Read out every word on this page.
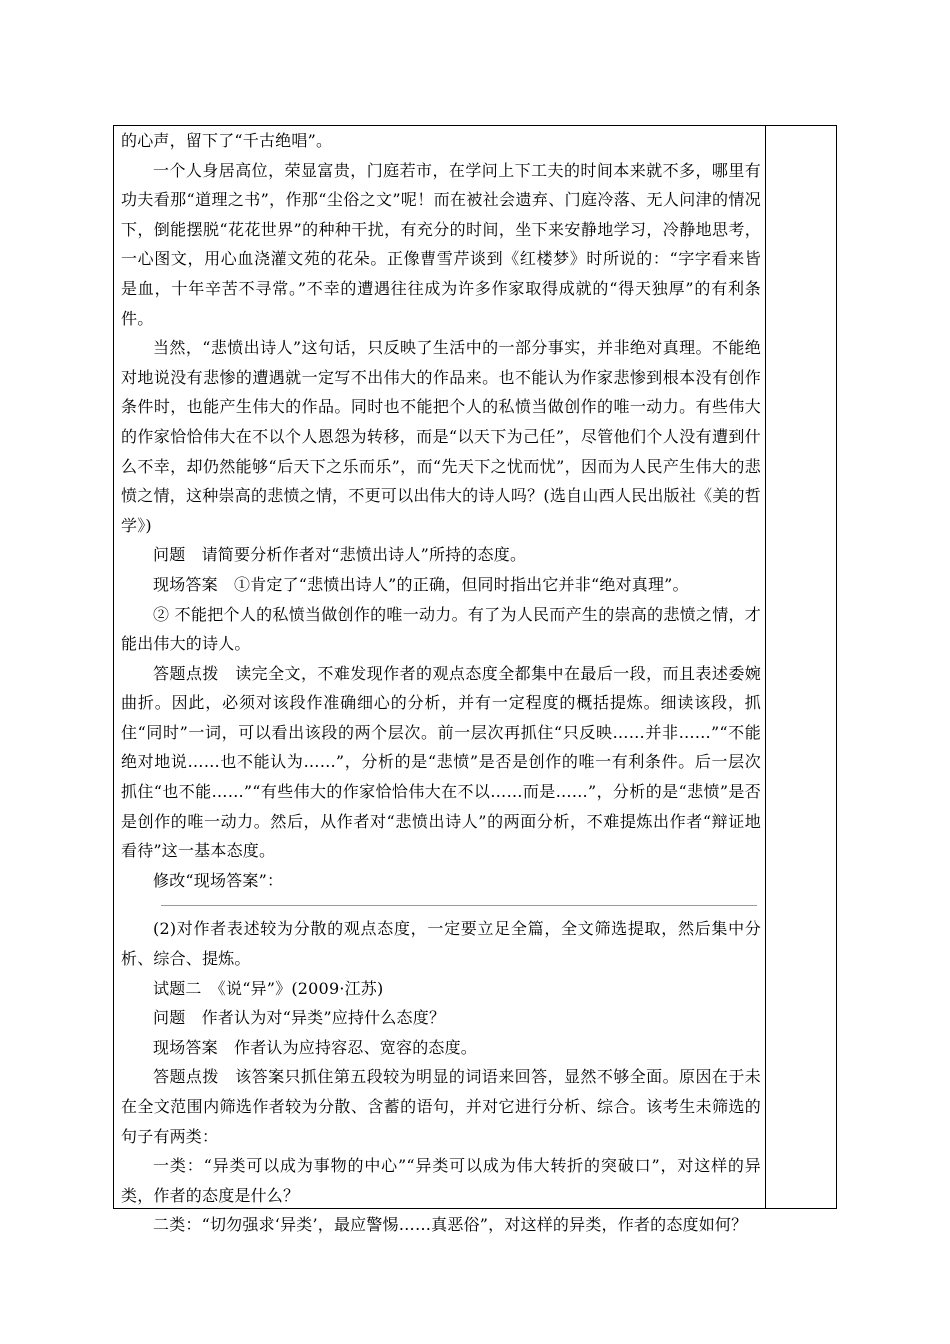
的心声，留下了“千古绝唱”。

一个人身居高位，荣显富贵，门庭若市，在学问上下工夫的时间本来就不多，哪里有功夫看那“道理之书”，作那“尘俗之文”呢！而在被社会遗弃、门庭冷落、无人问津的情况下，倒能摆脱“花花世界”的种种干扰，有充分的时间，坐下来安静地学习，冷静地思考，一心图文，用心血浇灌文苑的花朵。正像曹雪芹谈到《红楼梦》时所说的：“字字看来皆是血，十年辛苦不寻常。”不幸的遭遇往往成为许多作家取得成就的“得天独厚”的有利条件。

当然，“悲愤出诗人”这句话，只反映了生活中的一部分事实，并非绝对真理。不能绝对地说没有悲惨的遭遇就一定写不出伟大的作品来。也不能认为作家悲惨到根本没有创作条件时，也能产生伟大的作品。同时也不能把个人的私愤当做创作的唯一动力。有些伟大的作家恰恰伟大在不以个人恩怨为转移，而是“以天下为己任”，尽管他们个人没有遭到什么不幸，却仍然能够“后天下之乐而乐”，而“先天下之忧而忧”，因而为人民产生伟大的悲愤之情，这种崇高的悲愤之情，不更可以出伟大的诗人吗？(选自山西人民出版社《美的哲学》)

问题　请简要分析作者对“悲愤出诗人”所持的态度。

现场答案　①肯定了“悲愤出诗人”的正确，但同时指出它并非“绝对真理”。

② 不能把个人的私愤当做创作的唯一动力。有了为人民而产生的崇高的悲愤之情，才能出伟大的诗人。

答题点拨　读完全文，不难发现作者的观点态度全都集中在最后一段，而且表述委婉曲折。因此，必须对该段作准确细心的分析，并有一定程度的概括提炼。细读该段，抓住“同时”一词，可以看出该段的两个层次。前一层次再抓住“只反映……并非……”“不能绝对地说……也不能认为……”，分析的是“悲愤”是否是创作的唯一有利条件。后一层次抓住“也不能……”“有些伟大的作家恰恰伟大在不以……而是……”，分析的是“悲愤”是否是创作的唯一动力。然后，从作者对“悲愤出诗人”的两面分析，不难提炼出作者“辩证地看待”这一基本态度。

修改“现场答案”：

(2)对作者表述较为分散的观点态度，一定要立足全篇，全文筛选提取，然后集中分析、综合、提炼。

试题二　《说“异”》(2009·江苏)

问题　作者认为对“异类”应持什么态度？

现场答案　作者认为应持容忍、宽容的态度。

答题点拨　该答案只抓住第五段较为明显的词语来回答，显然不够全面。原因在于未在全文范围内筛选作者较为分散、含蓄的语句，并对它进行分析、综合。该考生未筛选的句子有两类：

一类：“异类可以成为事物的中心”“异类可以成为伟大转折的突破口”，对这样的异类，作者的态度是什么？

二类：“切勿强求‘异类’，最应警惕……真恶俗”，对这样的异类，作者的态度如何？
